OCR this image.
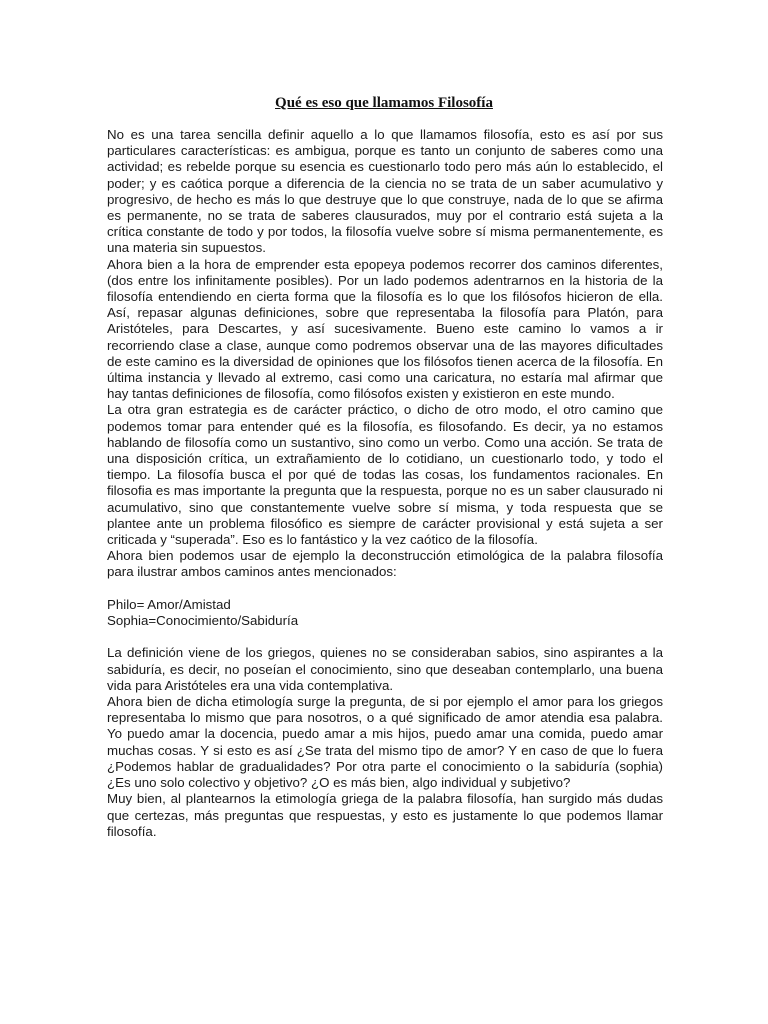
Qué es eso que llamamos Filosofía

No es una tarea sencilla definir aquello a lo que llamamos filosofía, esto es así por sus particulares características: es ambigua, porque es tanto un conjunto de saberes como una actividad; es rebelde porque su esencia es cuestionarlo todo pero más aún lo establecido, el poder; y es caótica porque a diferencia de la ciencia no se trata de un saber acumulativo y progresivo, de hecho es más lo que destruye que lo que construye, nada de lo que se afirma es permanente, no se trata de saberes clausurados, muy por el contrario está sujeta a la crítica constante de todo y por todos, la filosofía vuelve sobre sí misma permanentemente, es una materia sin supuestos.

Ahora bien a la hora de emprender esta epopeya podemos recorrer dos caminos diferentes, (dos entre los infinitamente posibles). Por un lado podemos adentrarnos en la historia de la filosofía entendiendo en cierta forma que la filosofía es lo que los filósofos hicieron de ella. Así, repasar algunas definiciones, sobre que representaba la filosofía para Platón, para Aristóteles, para Descartes, y así sucesivamente. Bueno este camino lo vamos a ir recorriendo clase a clase, aunque como podremos observar una de las mayores dificultades de este camino es la diversidad de opiniones que los filósofos tienen acerca de la filosofía. En última instancia y llevado al extremo, casi como una caricatura, no estaría mal afirmar que hay tantas definiciones de filosofía, como filósofos existen y existieron en este mundo.

La otra gran estrategia es de carácter práctico, o dicho de otro modo, el otro camino que podemos tomar para entender qué es la filosofía, es filosofando. Es decir, ya no estamos hablando de filosofía como un sustantivo, sino como un verbo. Como una acción. Se trata de una disposición crítica, un extrañamiento de lo cotidiano, un cuestionarlo todo, y todo el tiempo. La filosofía busca el por qué de todas las cosas, los fundamentos racionales. En filosofia es mas importante la pregunta que la respuesta, porque no es un saber clausurado ni acumulativo, sino que constantemente vuelve sobre sí misma, y toda respuesta que se plantee ante un problema filosófico es siempre de carácter provisional y está sujeta a ser criticada y “superada”. Eso es lo fantástico y la vez caótico de la filosofía.

Ahora bien podemos usar de ejemplo la deconstrucción etimológica de la palabra filosofía para ilustrar ambos caminos antes mencionados:

Philo= Amor/Amistad

Sophia=Conocimiento/Sabiduría

La definición viene de los griegos, quienes no se consideraban sabios, sino aspirantes a la sabiduría, es decir, no poseían el conocimiento, sino que deseaban contemplarlo, una buena vida para Aristóteles era una vida contemplativa.

Ahora bien de dicha etimología surge la pregunta, de si por ejemplo el amor para los griegos representaba lo mismo que para nosotros, o a qué significado de amor atendia esa palabra. Yo puedo amar la docencia, puedo amar a mis hijos, puedo amar una comida, puedo amar muchas cosas. Y si esto es así ¿Se trata del mismo tipo de amor? Y en caso de que lo fuera ¿Podemos hablar de gradualidades? Por otra parte el conocimiento o la sabiduría (sophia) ¿Es uno solo colectivo y objetivo? ¿O es más bien, algo individual y subjetivo?

Muy bien, al plantearnos la etimología griega de la palabra filosofía, han surgido más dudas que certezas, más preguntas que respuestas, y esto es justamente lo que podemos llamar filosofía.
